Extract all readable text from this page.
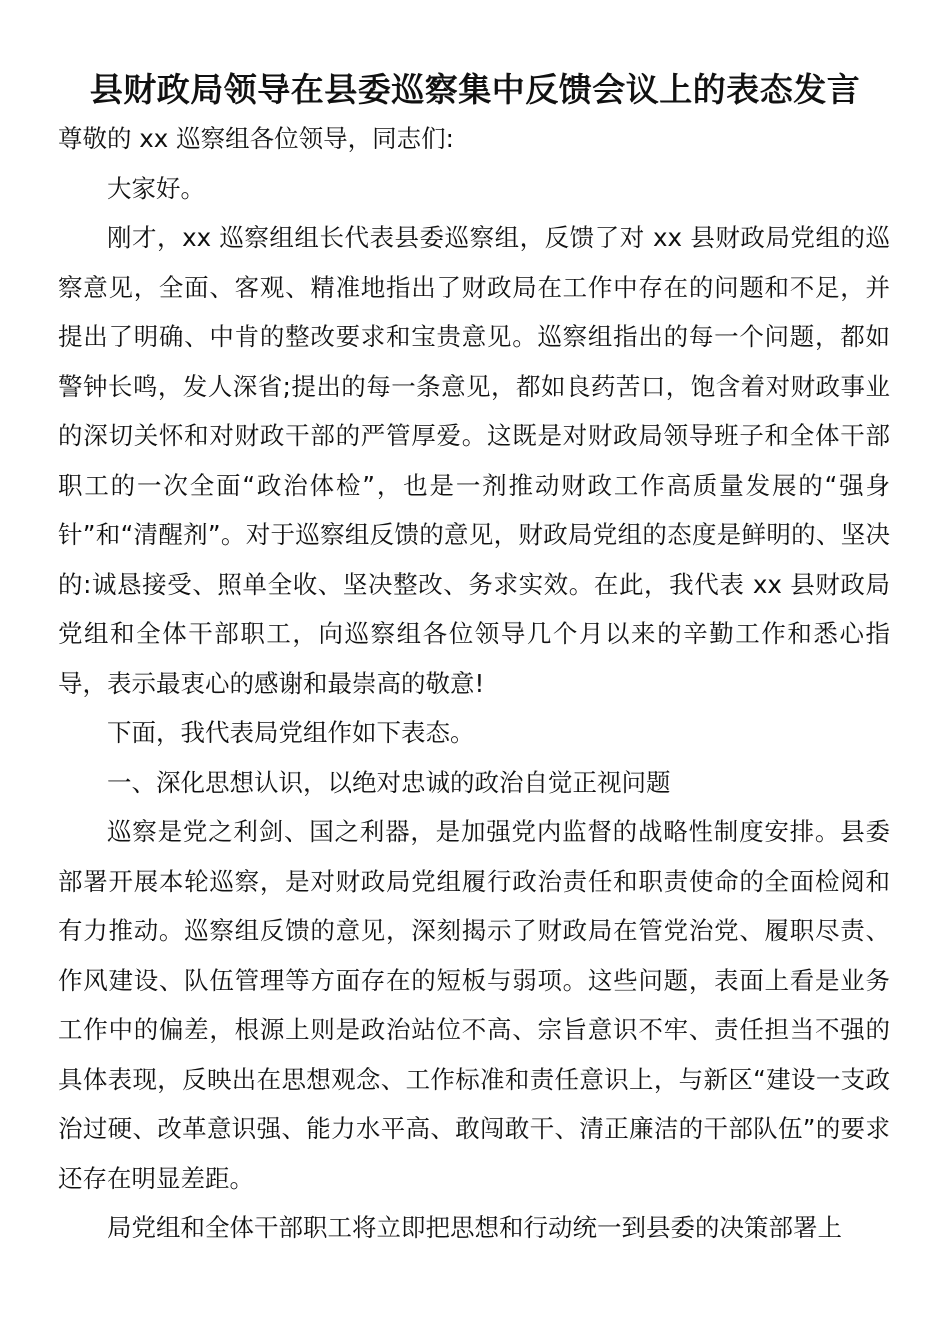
县财政局领导在县委巡察集中反馈会议上的表态发言

尊敬的 xx 巡察组各位领导，同志们:

大家好。

刚才，xx 巡察组组长代表县委巡察组，反馈了对 xx 县财政局党组的巡察意见，全面、客观、精准地指出了财政局在工作中存在的问题和不足，并提出了明确、中肯的整改要求和宝贵意见。巡察组指出的每一个问题，都如警钟长鸣，发人深省;提出的每一条意见，都如良药苦口，饱含着对财政事业的深切关怀和对财政干部的严管厚爱。这既是对财政局领导班子和全体干部职工的一次全面“政治体检”，也是一剂推动财政工作高质量发展的“强身针”和“清醒剂”。对于巡察组反馈的意见，财政局党组的态度是鲜明的、坚决的:诚恳接受、照单全收、坚决整改、务求实效。在此，我代表 xx 县财政局党组和全体干部职工，向巡察组各位领导几个月以来的辛勤工作和悉心指导，表示最衷心的感谢和最崇高的敬意!

下面，我代表局党组作如下表态。

一、深化思想认识，以绝对忠诚的政治自觉正视问题

巡察是党之利剑、国之利器，是加强党内监督的战略性制度安排。县委部署开展本轮巡察，是对财政局党组履行政治责任和职责使命的全面检阅和有力推动。巡察组反馈的意见，深刻揭示了财政局在管党治党、履职尽责、作风建设、队伍管理等方面存在的短板与弱项。这些问题，表面上看是业务工作中的偏差，根源上则是政治站位不高、宗旨意识不牢、责任担当不强的具体表现，反映出在思想观念、工作标准和责任意识上，与新区“建设一支政治过硬、改革意识强、能力水平高、敢闯敢干、清正廉洁的干部队伍”的要求还存在明显差距。

局党组和全体干部职工将立即把思想和行动统一到县委的决策部署上
